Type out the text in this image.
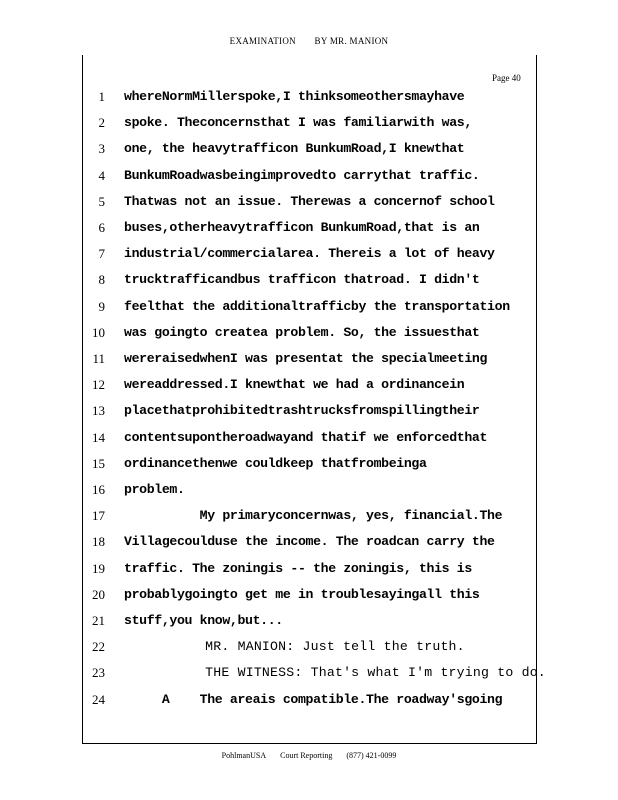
EXAMINATION BY MR. MANION
Page 40
1 whereNormMillerspoke,I thinksomeothersmayhave
2 spoke. Theconcernsthat I was familiarwith was,
3 one, the heavytrafficon BunkumRoad,I knewthat
4 BunkumRoadwasbeingimprovedto carrythat traffic.
5 Thatwas not an issue. Therewas a concernof school
6 buses,otherheavytrafficon BunkumRoad,that is an
7 industrial/commercialarea. Thereis a lot of heavy
8 trucktrafficandbus trafficon thatroad. I didn't
9 feelthat the additionaltrafficby the transportation
10 was goingto createa problem. So, the issuesthat
11 wereraisedwhenI was presentat the specialmeeting
12 wereaddressed.I knewthat we had a ordinancein
13 placethatprohibitedtrashtrucksfromspillingtheir
14 contentsupontheroadwayand thatif we enforcedthat
15 ordinancethenwe couldkeep thatfrombeinga
16 problem.
17 My primaryconcernwas, yes, financial.The
18 Villagecoulduse the income. The roadcan carry the
19 traffic. The zoningis -- the zoningis, this is
20 probablygoingto get me in troublesayingall this
21 stuff,you know,but...
22 MR. MANION: Just tell the truth.
23 THE WITNESS: That's what I'm trying to do.
24 A    The areais compatible.The roadway'sgoing
PohlmanUSA Court Reporting (877) 421-0099
